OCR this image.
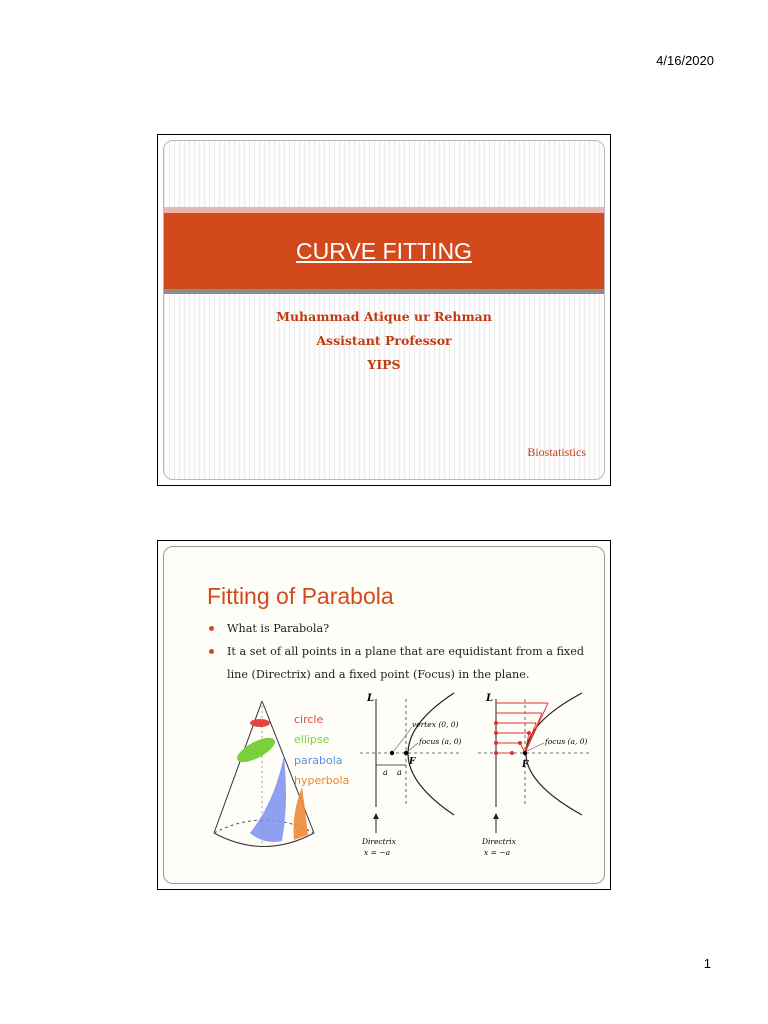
4/16/2020
CURVE FITTING
Muhammad Atique ur Rehman
Assistant Professor
YIPS
Biostatistics
Fitting of Parabola
What is Parabola?
It a set of all points in a plane that are equidistant from a fixed line (Directrix) and a fixed point (Focus) in the plane.
circle
ellipse
parabola
hyperbola
L
vertex (0, 0)
focus (a, 0)
F
a a
Directrix
x = −a
L
focus (a, 0)
F
Directrix
x = −a
1
